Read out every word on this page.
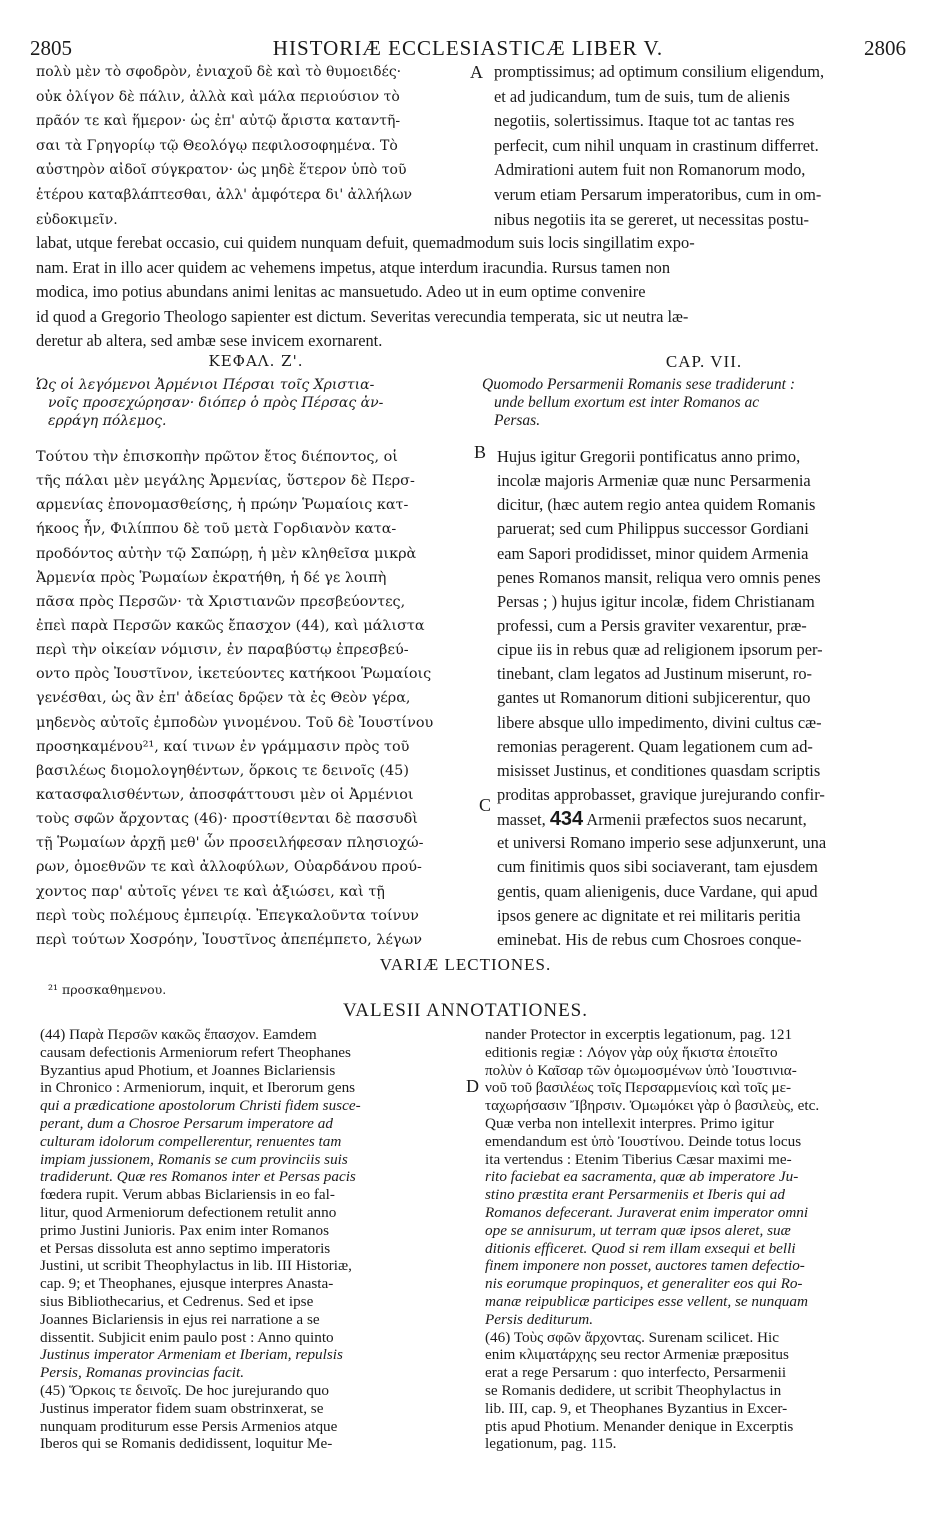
2805	HISTORIÆ ECCLESIASTICÆ LIBER V.	2806
πολὺ μὲν τὸ σφοδρὸν, ἐνιαχοῦ δὲ καὶ τὸ θυμοειδές·
οὐκ ὀλίγον δὲ πάλιν, ἀλλὰ καὶ μάλα περιούσιον τὸ
πρᾶόν τε καὶ ἥμερον· ὡς ἐπ' αὐτῷ ἄριστα καταντῆ-
σαι τὰ Γρηγορίῳ τῷ Θεολόγῳ πεφιλοσοφημένα. Τὸ
αὐστηρὸν αἰδοῖ σύγκρατον· ὡς μηδὲ ἕτερον ὑπὸ τοῦ
ἑτέρου καταβλάπτεσθαι, ἀλλ' ἀμφότερα δι' ἀλλήλων
εὐδοκιμεῖν.
A promptissimus; ad optimum consilium eligendum,
et ad judicandum, tum de suis, tum de alienis
negotiis, solertissimus. Itaque tot ac tantas res
perfecit, cum nihil unquam in crastinum differret.
Admirationi autem fuit non Romanorum modo,
verum etiam Persarum imperatoribus, cum in om-
nibus negotiis ita se gereret, ut necessitas postu-
labat, utque ferebat occasio, cui quidem nunquam defuit, quemadmodum suis locis singillatim expo-
nam. Erat in illo acer quidem ac vehemens impetus, atque interdum iracundia. Rursus tamen non
modica, imo potius abundans animi lenitas ac mansuetudo. Adeo ut in eum optime convenire
id quod a Gregorio Theologo sapienter est dictum. Severitas verecundia temperata, sic ut neutra læ-
deretur ab altera, sed ambæ sese invicem exornarent.
ΚΕΦΑΛ. Ζ'.	CAP. VII.
Ὡς οἱ λεγόμενοι Ἀρμένιοι Πέρσαι τοῖς Χριστια-
νοῖς προσεχώρησαν· διόπερ ὁ πρὸς Πέρσας ἀν-
ερράγη πόλεμος.
Quomodo Persarmenii Romanis sese tradiderunt :
unde bellum exortum est inter Romanos ac
Persas.
Τούτου τὴν ἐπισκοπὴν πρῶτον ἔτος διέποντος, οἱ
τῆς πάλαι μὲν μεγάλης Ἀρμενίας, ὕστερον δὲ Περσ-
αρμενίας ἐπονομασθείσης, ἡ πρώην Ῥωμαίοις κατ-
ήκοος ἦν, Φιλίππου δὲ τοῦ μετὰ Γορδιανὸν κατα-
προδόντος αὐτὴν τῷ Σαπώρῃ, ἡ μὲν κληθεῖσα μικρὰ
Ἀρμενία πρὸς Ῥωμαίων ἐκρατήθη, ἡ δέ γε λοιπὴ
πᾶσα πρὸς Περσῶν· τὰ Χριστιανῶν πρεσβεύοντες,
ἐπεὶ παρὰ Περσῶν κακῶς ἔπασχον (44), καὶ μάλιστα
περὶ τὴν οἰκείαν νόμισιν, ἐν παραβύστῳ ἐπρεσβεύ-
οντο πρὸς Ἰουστῖνον, ἱκετεύοντες κατήκοοι Ῥωμαίοις
γενέσθαι, ὡς ἂν ἐπ' ἀδείας δρῷεν τὰ ἐς Θεὸν γέρα,
μηδενὸς αὐτοῖς ἐμποδὼν γινομένου. Τοῦ δὲ Ἰουστίνου
προσηκαμένου²¹, καί τινων ἐν γράμμασιν πρὸς τοῦ
βασιλέως διομολογηθέντων, ὅρκοις τε δεινοῖς (45)
κατασφαλισθέντων, ἀποσφάττουσι μὲν οἱ Ἀρμένιοι
τοὺς σφῶν ἄρχοντας (46)· προστίθενται δὲ πασσυδὶ
τῇ Ῥωμαίων ἀρχῇ μεθ' ὧν προσειλήφεσαν πλησιοχώ-
ρων, ὁμοεθνῶν τε καὶ ἀλλοφύλων, Οὐαρδάνου πρού-
χοντος παρ' αὐτοῖς γένει τε καὶ ἀξιώσει, καὶ τῇ
περὶ τοὺς πολέμους ἐμπειρίᾳ. Ἐπεγκαλοῦντα τοίνυν
περὶ τούτων Χοσρόην, Ἰουστῖνος ἀπεπέμπετο, λέγων
B
C
Hujus igitur Gregorii pontificatus anno primo,
incolæ majoris Armeniæ quæ nunc Persarmenia
dicitur, (hæc autem regio antea quidem Romanis
paruerat; sed cum Philippus successor Gordiani
eam Sapori prodidisset, minor quidem Armenia
penes Romanos mansit, reliqua vero omnis penes
Persas ; ) hujus igitur incolæ, fidem Christianam
professi, cum a Persis graviter vexarentur, præ-
cipue iis in rebus quæ ad religionem ipsorum per-
tinebant, clam legatos ad Justinum miserunt, ro-
gantes ut Romanorum ditioni subjicerentur, quo
libere absque ullo impedimento, divini cultus cæ-
remonias peragerent. Quam legationem cum ad-
misisset Justinus, et conditiones quasdam scriptis
proditas approbasset, gravique jurejurando confir-
masset, 434 Armenii præfectos suos necarunt,
et universi Romano imperio sese adjunxerunt, una
cum finitimis quos sibi sociaverant, tam ejusdem
gentis, quam alienigenis, duce Vardane, qui apud
ipsos genere ac dignitate et rei militaris peritia
eminebat. His de rebus cum Chosroes conque-
VARIÆ LECTIONES.
²¹ προσκαθημενου.
VALESII ANNOTATIONES.
(44) Παρὰ Περσῶν κακῶς ἔπασχον. Eamdem
causam defectionis Armeniorum refert Theophanes
Byzantius apud Photium, et Joannes Biclariensis
in Chronico : Armeniorum, inquit, et Iberorum gens
qui a prædicatione apostolorum Christi fidem susce-
perant, dum a Chosroe Persarum imperatore ad
culturam idolorum compellerentur, renuentes tam
impiam jussionem, Romanis se cum provinciis suis
tradiderunt. Quæ res Romanos inter et Persas pacis
fœdera rupit. Verum abbas Biclariensis in eo fal-
litur, quod Armeniorum defectionem retulit anno
primo Justini Junioris. Pax enim inter Romanos
et Persas dissoluta est anno septimo imperatoris
Justini, ut scribit Theophylactus in lib. III Historiæ,
cap. 9; et Theophanes, ejusque interpres Anasta-
sius Bibliothecarius, et Cedrenus. Sed et ipse
Joannes Biclariensis in ejus rei narratione a se
dissentit. Subjicit enim paulo post : Anno quinto
Justinus imperator Armeniam et Iberiam, repulsis
Persis, Romanas provincias facit.
(45) Ὅρκοις τε δεινοῖς. De hoc jurejurando quo
Justinus imperator fidem suam obstrinxerat, se
nunquam proditurum esse Persis Armenios atque
Iberos qui se Romanis dedidissent, loquitur Me-
D
nander Protector in excerptis legationum, pag. 121
editionis regiæ : Λόγον γὰρ οὐχ ἥκιστα ἐποιεῖτο
πολὺν ὁ Καῖσαρ τῶν ὀμωμοσμένων ὑπὸ Ἰουστινια-
νοῦ τοῦ βασιλέως τοῖς Περσαρμενίοις καὶ τοῖς με-
ταχωρήσασιν Ἴβηρσιν. Ὀμωμόκει γὰρ ὁ βασιλεὺς, etc.
Quæ verba non intellexit interpres. Primo igitur
emendandum est ὑπὸ Ἰουστίνου. Deinde totus locus
ita vertendus : Etenim Tiberius Cæsar maximi me-
rito faciebat ea sacramenta, quæ ab imperatore Ju-
stino præstita erant Persarmeniis et Iberis qui ad
Romanos defecerant. Juraverat enim imperator omni
ope se annisurum, ut terram quæ ipsos aleret, suæ
ditionis efficeret. Quod si rem illam exsequi et belli
finem imponere non posset, auctores tamen defectio-
nis eorumque propinquos, et generaliter eos qui Ro-
manæ reipublicæ participes esse vellent, se nunquam
Persis dediturum.
(46) Τοὺς σφῶν ἄρχοντας. Surenam scilicet. Hic
enim κλιματάρχης seu rector Armeniæ præpositus
erat a rege Persarum : quo interfecto, Persarmenii
se Romanis dedidere, ut scribit Theophylactus in
lib. III, cap. 9, et Theophanes Byzantius in Excer-
ptis apud Photium. Menander denique in Excerptis
legationum, pag. 115.
